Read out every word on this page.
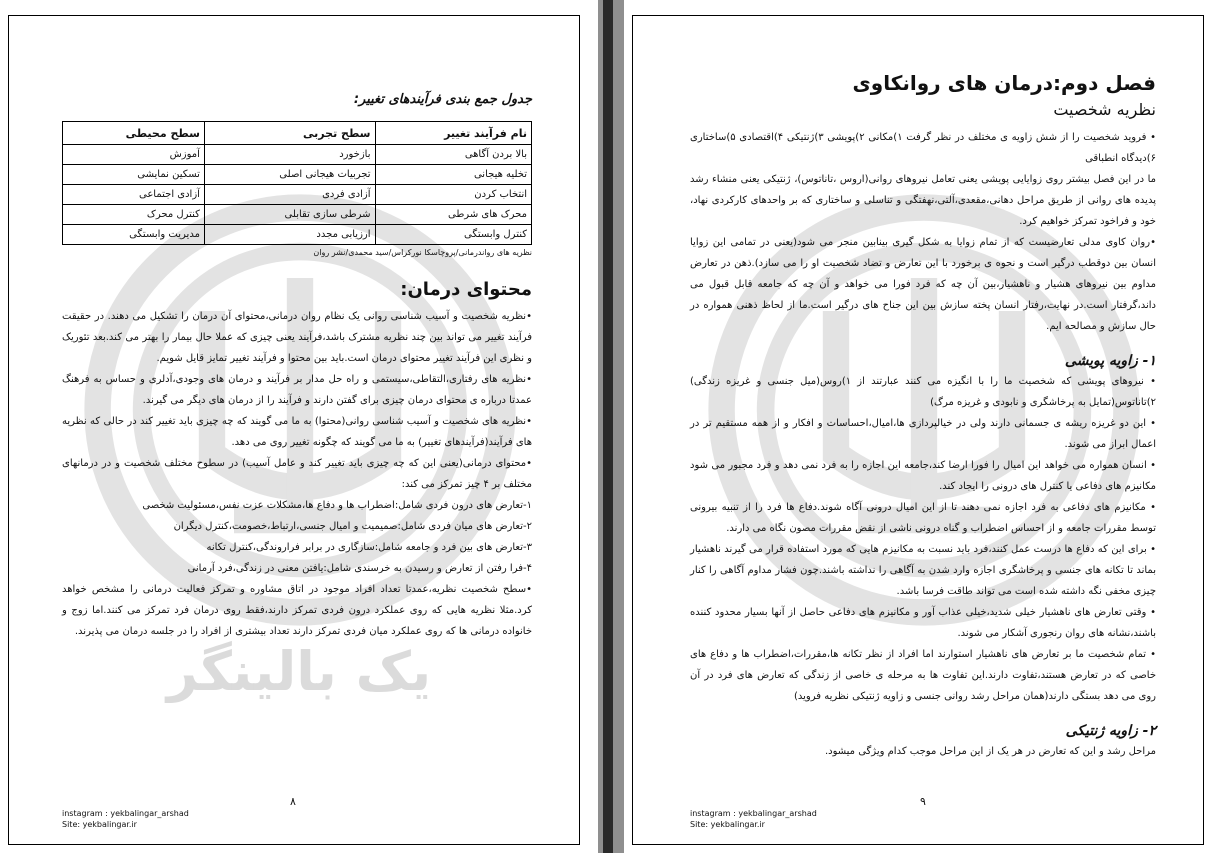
یک بالینگر
جدول جمع بندی فرآیندهای تغییر:
نام فرآیند تغییر	سطح تجربی	سطح محیطی
بالا بردن آگاهی	بازخورد	آموزش
تخلیه هیجانی	تجربیات هیجانی اصلی	تسکین نمایشی
انتخاب کردن	آزادی فردی	آزادی اجتماعی
محرک های شرطی	شرطی سازی تقابلی	کنترل محرک
کنترل وابستگی	ارزیابی مجدد	مدیریت وابستگی
نظریه های رواندرمانی/پروچاسکا نورکراس/سید محمدی/نشر روان
محتوای درمان:

•نظریه شخصیت و آسیب شناسی روانی یک نظام روان درمانی،محتوای آن درمان را تشکیل می دهند. در حقیقت فرآیند تغییر می تواند بین چند نظریه مشترک باشد،فرآیند یعنی چیزی که عملا حال بیمار را بهتر می کند.بعد تئوریک و نظری این فرآیند تغییر محتوای درمان است.باید بین محتوا و فرآیند تغییر تمایز قایل شویم.

•نظریه های رفتاری،التقاطی،سیستمی و راه حل مدار بر فرآیند و درمان های وجودی،آدلری و حساس به فرهنگ عمدتا درباره ی محتوای درمان چیزی برای گفتن دارند و فرآیند را از درمان های دیگر می گیرند.

•نظریه های شخصیت و آسیب شناسی روانی(محتوا) به ما می گویند که چه چیزی باید تغییر کند در حالی که نظریه های فرآیند(فرآیندهای تغییر) به ما می گویند که چگونه تغییر روی می دهد.

•محتوای درمانی(یعنی این که چه چیزی باید تغییر کند و عامل آسیب) در سطوح مختلف شخصیت و در درمانهای مختلف بر ۴ چیز تمرکز می کند:

۱-تعارض های درون فردی شامل:اضطراب ها و دفاع ها،مشکلات عزت نفس،مسئولیت شخصی

۲-تعارض های میان فردی شامل:صمیمیت و امیال جنسی،ارتباط،خصومت،کنترل دیگران

۳-تعارض های بین فرد و جامعه شامل:سازگاری در برابر فراروندگی،کنترل تکانه

۴-فرا رفتن از تعارض و رسیدن به خرسندی شامل:یافتن معنی در زندگی،فرد آرمانی

•سطح شخصیت نظریه،عمدتا تعداد افراد موجود در اتاق مشاوره و تمرکز فعالیت درمانی را مشخص خواهد کرد.مثلا نظریه هایی که روی عملکرد درون فردی تمرکز دارند،فقط روی درمان فرد تمرکز می کنند.اما زوج و خانواده درمانی ها که روی عملکرد میان فردی تمرکز دارند تعداد بیشتری از افراد را در جلسه درمان می پذیرند.

۸
instagram : yekbalingar_arshad
Site: yekbalingar.ir
فصل دوم:درمان های روانکاوی
نظریه شخصیت

• فروید شخصیت را از شش زاویه ی مختلف در نظر گرفت ۱)مکانی ۲)پویشی ۳)ژنتیکی ۴)اقتصادی ۵)ساختاری ۶)دیدگاه انطباقی

ما در این فصل بیشتر روی زوایایی پویشی یعنی تعامل نیروهای روانی(اروس ،تاناتوس)، ژنتیکی یعنی منشاء رشد پدیده های روانی از طریق مراحل دهانی،مقعدی،آلتی،نهفتگی و تناسلی و ساختاری که بر واحدهای کارکردی نهاد، خود و فراخود تمرکز خواهیم کرد.

•روان کاوی مدلی تعارضیست که از تمام زوایا به شکل گیری بینابین منجر می شود(یعنی در تمامی این زوایا انسان بین دوقطب درگیر است و نحوه ی برخورد با این تعارض و تضاد شخصیت او را می سازد).ذهن در تعارض مداوم بین نیروهای هشیار و ناهشیار،بین آن چه که فرد فورا می خواهد و آن چه که جامعه قابل قبول می داند،گرفتار است.در نهایت،رفتار انسان پخته سازش بین این جناح های درگیر است.ما از لحاظ ذهنی همواره در حال سازش و مصالحه ایم.

۱- زاویه پویشی

• نیروهای پویشی که شخصیت ما را با انگیزه می کنند عبارتند از ۱)روس(میل جنسی و غریزه زندگی) ۲)تاناتوس(تمایل به پرخاشگری و نابودی و غریزه مرگ)

• این دو غریزه ریشه ی جسمانی دارند ولی در خیالپردازی ها،امیال،احساسات و افکار و از همه مستقیم تر در اعمال ابراز می شوند.

• انسان همواره می خواهد این امیال را فورا ارضا کند،جامعه این اجازه را به فرد نمی دهد و فرد مجبور می شود مکانیزم های دفاعی یا کنترل های درونی را ایجاد کند.

• مکانیزم های دفاعی به فرد اجازه نمی دهند تا از این امیال درونی آگاه شوند.دفاع ها فرد را از تنبیه بیرونی توسط مقررات جامعه و از احساس اضطراب و گناه درونی ناشی از نقض مقررات مصون نگاه می دارند.

• برای این که دفاع ها درست عمل کنند،فرد باید نسبت به مکانیزم هایی که مورد استفاده قرار می گیرند ناهشیار بماند تا تکانه های جنسی و پرخاشگری اجازه وارد شدن به آگاهی را نداشته باشند.چون فشار مداوم آگاهی را کنار چیزی مخفی نگه داشته شده است می تواند طاقت فرسا باشد.

• وقتی تعارض های ناهشیار خیلی شدید،خیلی عذاب آور و مکانیزم های دفاعی حاصل از آنها بسیار محدود کننده باشند،نشانه های روان رنجوری آشکار می شوند.

• تمام شخصیت ما بر تعارض های ناهشیار استوارند اما افراد از نظر تکانه ها،مقررات،اضطراب ها و دفاع های خاصی که در تعارض هستند،تفاوت دارند.این تفاوت ها به مرحله ی خاصی از زندگی که تعارض های فرد در آن روی می دهد بستگی دارند(همان مراحل رشد روانی جنسی و زاویه ژنتیکی نظریه فروید)

۲- زاویه ژنتیکی

مراحل رشد و این که تعارض در هر یک از این مراحل موجب کدام ویژگی میشود.

۹
instagram : yekbalingar_arshad
Site: yekbalingar.ir
